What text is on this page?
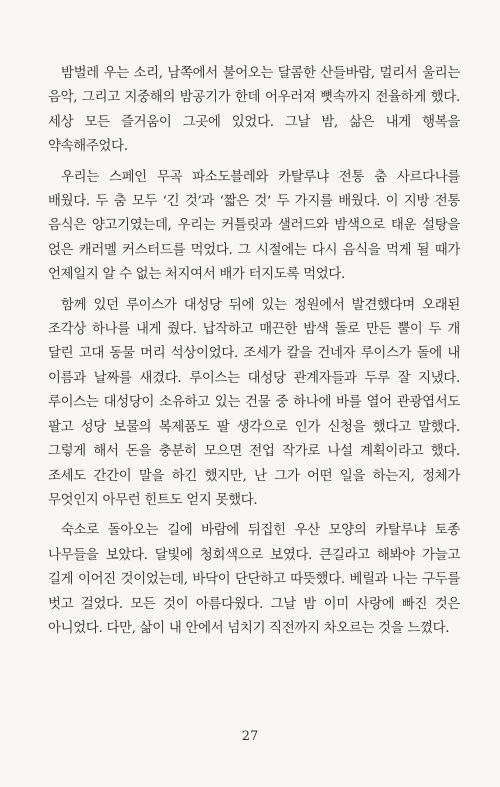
밤벌레 우는 소리, 남쪽에서 불어오는 달콤한 산들바람, 멀리서 울리는 음악, 그리고 지중해의 밤공기가 한데 어우러져 뼛속까지 전율하게 했다. 세상 모든 즐거움이 그곳에 있었다. 그날 밤, 삶은 내게 행복을 약속해주었다.

우리는 스페인 무곡 파소도블레와 카탈루냐 전통 춤 사르다나를 배웠다. 두 춤 모두 ‘긴 것’과 ‘짧은 것’ 두 가지를 배웠다. 이 지방 전통 음식은 양고기였는데, 우리는 커틀릿과 샐러드와 밤색으로 태운 설탕을 얹은 캐러멜 커스터드를 먹었다. 그 시절에는 다시 음식을 먹게 될 때가 언제일지 알 수 없는 처지여서 배가 터지도록 먹었다.

함께 있던 루이스가 대성당 뒤에 있는 정원에서 발견했다며 오래된 조각상 하나를 내게 줬다. 납작하고 매끈한 밤색 돌로 만든 뿔이 두 개 달린 고대 동물 머리 석상이었다. 조세가 칼을 건네자 루이스가 돌에 내 이름과 날짜를 새겼다. 루이스는 대성당 관계자들과 두루 잘 지냈다. 루이스는 대성당이 소유하고 있는 건물 중 하나에 바를 열어 관광엽서도 팔고 성당 보물의 복제품도 팔 생각으로 인가 신청을 했다고 말했다. 그렇게 해서 돈을 충분히 모으면 전업 작가로 나설 계획이라고 했다. 조세도 간간이 말을 하긴 했지만, 난 그가 어떤 일을 하는지, 정체가 무엇인지 아무런 힌트도 얻지 못했다.

숙소로 돌아오는 길에 바람에 뒤집힌 우산 모양의 카탈루냐 토종 나무들을 보았다. 달빛에 청회색으로 보였다. 큰길라고 해봐야 가늘고 길게 이어진 것이었는데, 바닥이 단단하고 따뜻했다. 베릴과 나는 구두를 벗고 걸었다. 모든 것이 아름다웠다. 그날 밤 이미 사랑에 빠진 것은 아니었다. 다만, 삶이 내 안에서 넘치기 직전까지 차오르는 것을 느꼈다.

27
